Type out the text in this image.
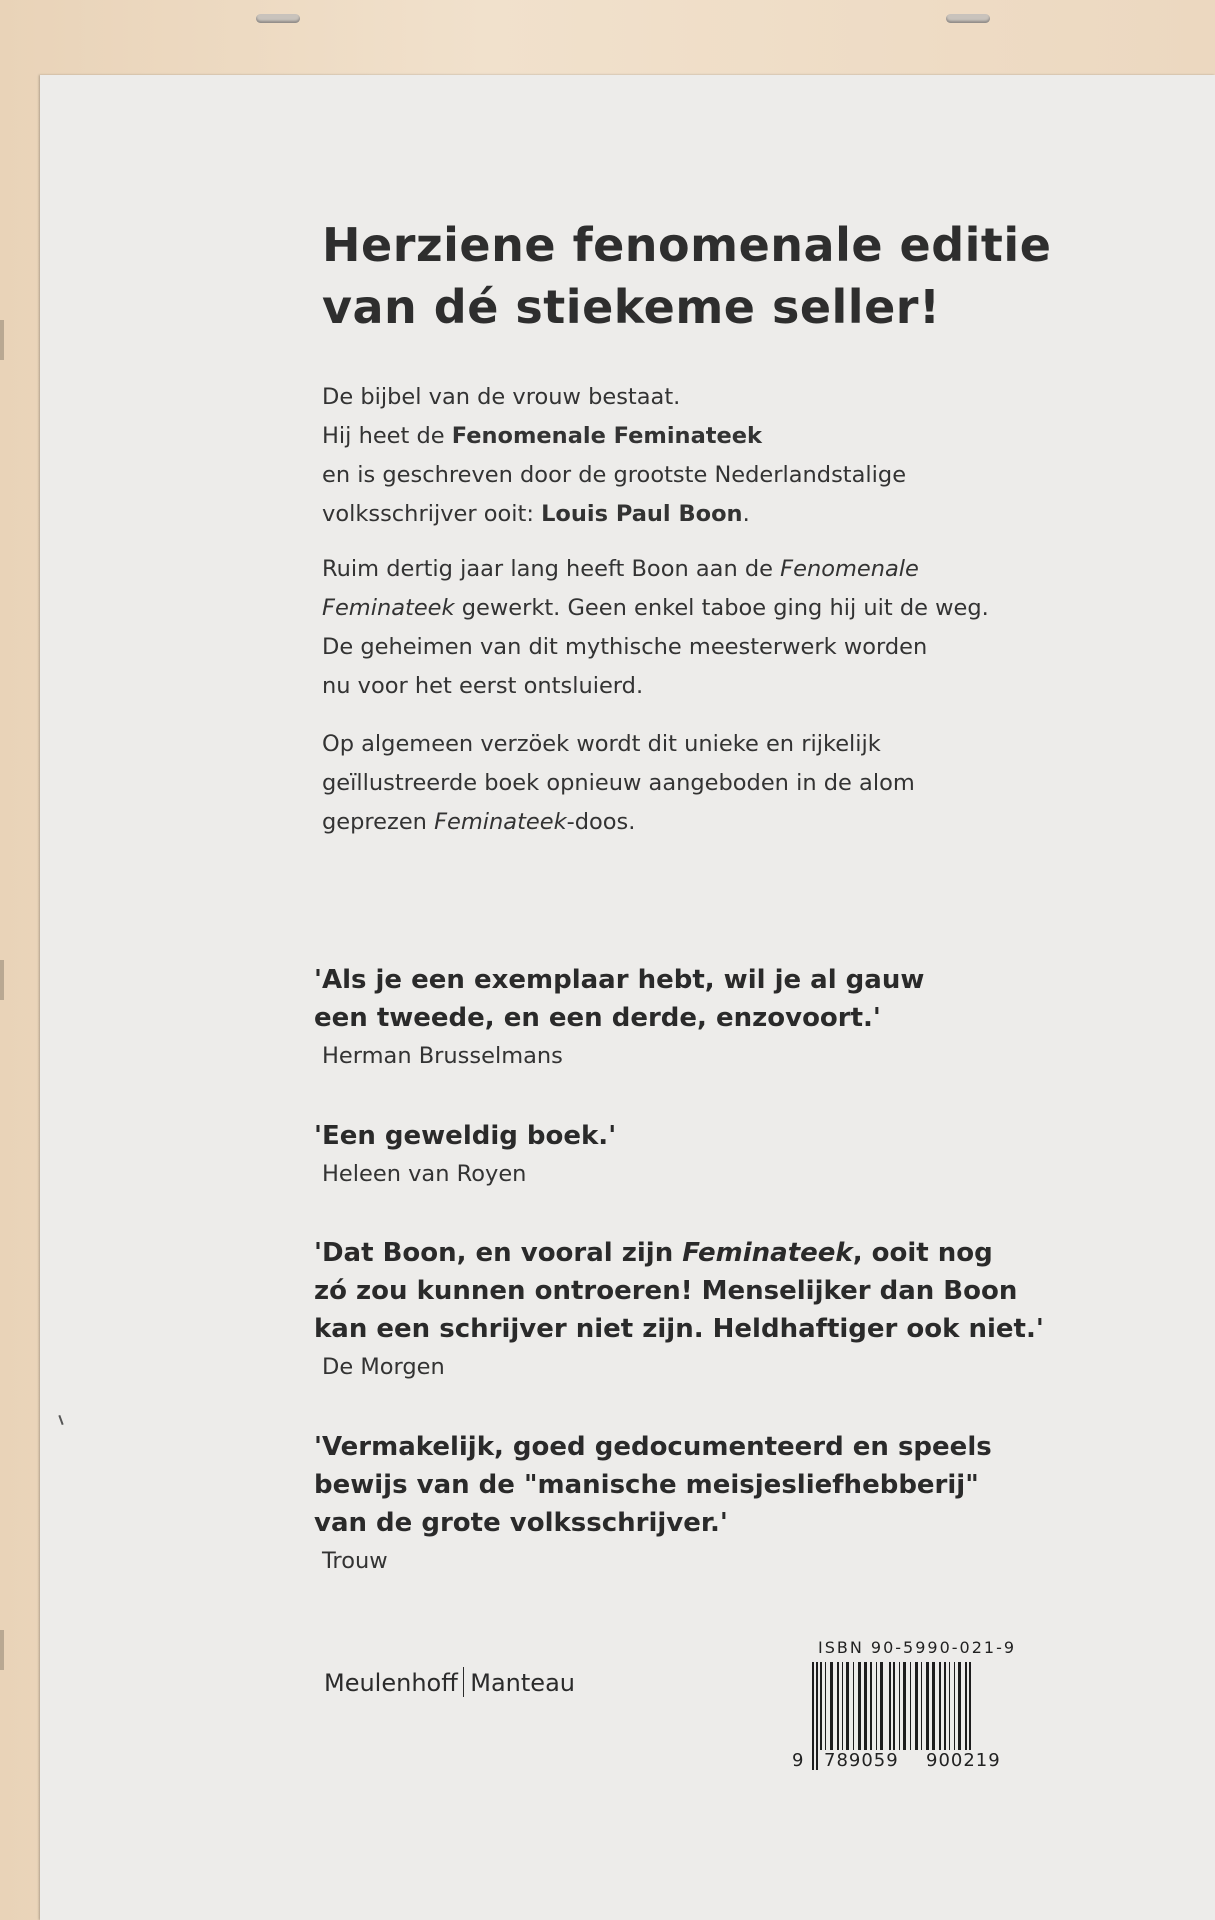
Herziene fenomenale editie
van dé stiekeme seller!

De bijbel van de vrouw bestaat.

Hij heet de Fenomenale Feminateek

en is geschreven door de grootste Nederlandstalige

volksschrijver ooit: Louis Paul Boon.

Ruim dertig jaar lang heeft Boon aan de Fenomenale

Feminateek gewerkt. Geen enkel taboe ging hij uit de weg.

De geheimen van dit mythische meesterwerk worden

nu voor het eerst ontsluierd.

Op algemeen verzöek wordt dit unieke en rijkelijk

geïllustreerde boek opnieuw aangeboden in de alom

geprezen Feminateek-doos.

'Als je een exemplaar hebt, wil je al gauw
een tweede, en een derde, enzovoort.'
Herman Brusselmans
'Een geweldig boek.'
Heleen van Royen
'Dat Boon, en vooral zijn Feminateek, ooit nog
zó zou kunnen ontroeren! Menselijker dan Boon
kan een schrijver niet zijn. Heldhaftiger ook niet.'
De Morgen
'Vermakelijk, goed gedocumenteerd en speels
bewijs van de "manische meisjesliefhebberij"
van de grote volksschrijver.'
Trouw
Meulenhoff Manteau
ISBN 90-5990-021-9
9 789059 900219
